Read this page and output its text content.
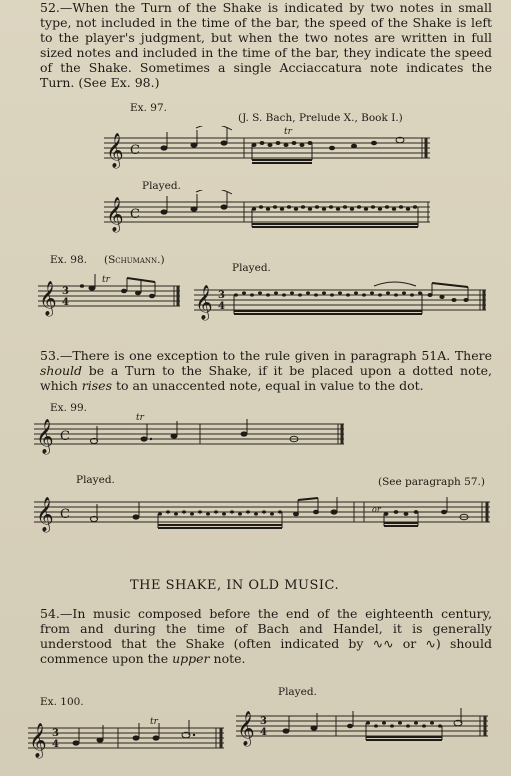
52.—When the Turn of the Shake is indicated by two notes in small type, not included in the time of the bar, the speed of the Shake is left to the player's judgment, but when the two notes are written in full sized notes and included in the time of the bar, they indicate the speed of the Shake. Sometimes a single Acciaccatura note indicates the Turn. (See Ex. 98.)
Ex. 97.
(J. S. Bach, Prelude X., Book I.)
𝄞 C
tr
Played.
𝄞 C
Ex. 98. (Schumann.)
Played.
𝄞 3
4
tr
𝄞 3
4
53.—There is one exception to the rule given in paragraph 51A. There should be a Turn to the Shake, if it be placed upon a dotted note, which rises to an unaccented note, equal in value to the dot.
Ex. 99.
𝄞 C
tr
Played.	(See paragraph 57.)
𝄞 C	or
THE SHAKE, IN OLD MUSIC.
54.—In music composed before the end of the eighteenth century, from and during the time of Bach and Handel, it is generally understood that the Shake (often indicated by ∿∿ or ∿) should commence upon the upper note.
Ex. 100.
Played.
𝄞 3
4
tr	𝄞 3
4
